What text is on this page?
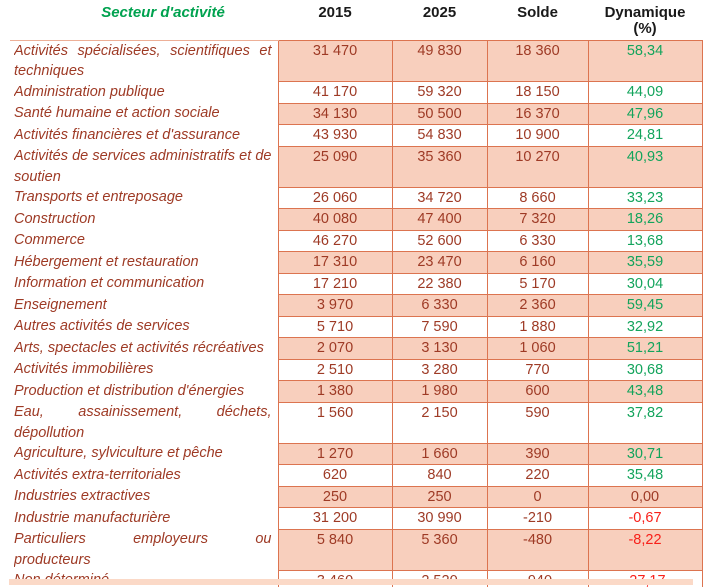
Secteur d'activité	2015	2025	Solde	Dynamique
(%)

Activités spécialisées, scientifiques et
techniques	31 470	49 830	18 360	58,34

Administration publique	41 170	59 320	18 150	44,09

Santé humaine et action sociale	34 130	50 500	16 370	47,96

Activités financières et d'assurance	43 930	54 830	10 900	24,81

Activités de services administratifs et de
soutien	25 090	35 360	10 270	40,93

Transports et entreposage	26 060	34 720	8 660	33,23

Construction	40 080	47 400	7 320	18,26

Commerce	46 270	52 600	6 330	13,68

Hébergement et restauration	17 310	23 470	6 160	35,59

Information et communication	17 210	22 380	5 170	30,04

Enseignement	3 970	6 330	2 360	59,45

Autres activités de services	5 710	7 590	1 880	32,92

Arts, spectacles et activités récréatives	2 070	3 130	1 060	51,21

Activités immobilières	2 510	3 280	770	30,68

Production et distribution d'énergies	1 380	1 980	600	43,48

Eau, assainissement, déchets,
dépollution	1 560	2 150	590	37,82

Agriculture, sylviculture et pêche	1 270	1 660	390	30,71

Activités extra-territoriales	620	840	220	35,48

Industries extractives	250	250	0	0,00

Industrie manufacturière	31 200	30 990	-210	-0,67

Particuliers employeurs ou
producteurs	5 840	5 360	-480	-8,22
